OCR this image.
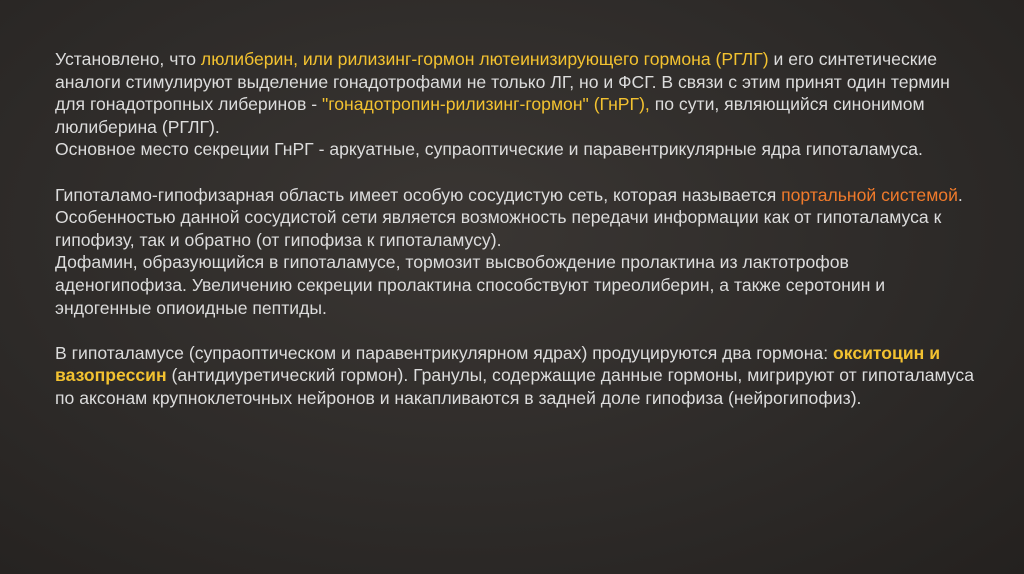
Установлено, что люлиберин, или рилизинг-гормон лютеинизирующего гормона (РГЛГ) и его синтетические аналоги стимулируют выделение гонадотрофами не только ЛГ, но и ФСГ. В связи с этим принят один термин для гонадотропных либеринов - "гонадотропин-рилизинг-гормон" (ГнРГ), по сути, являющийся синонимом люлиберина (РГЛГ).
Основное место секреции ГнРГ - аркуатные, супраоптические и паравентрикулярные ядра гипоталамуса.

Гипоталамо-гипофизарная область имеет особую сосудистую сеть, которая называется портальной системой. Особенностью данной сосудистой сети является возможность передачи информации как от гипоталамуса к гипофизу, так и обратно (от гипофиза к гипоталамусу).
Дофамин, образующийся в гипоталамусе, тормозит высвобождение пролактина из лактотрофов аденогипофиза. Увеличению секреции пролактина способствуют тиреолиберин, а также серотонин и эндогенные опиоидные пептиды.

В гипоталамусе (супраоптическом и паравентрикулярном ядрах) продуцируются два гормона: окситоцин и вазопрессин (антидиуретический гормон). Гранулы, содержащие данные гормоны, мигрируют от гипоталамуса по аксонам крупноклеточных нейронов и накапливаются в задней доле гипофиза (нейрогипофиз).
